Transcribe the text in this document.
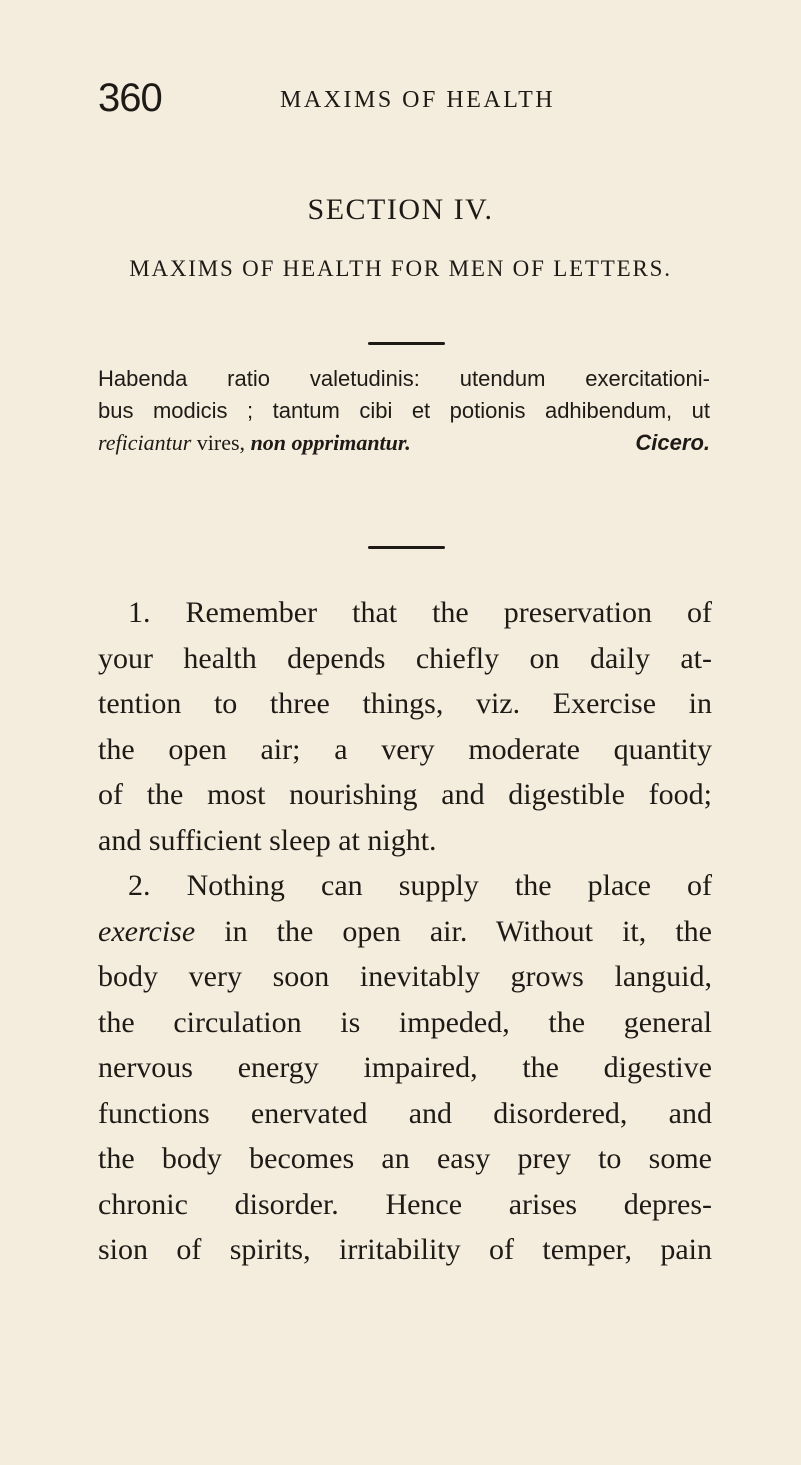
360	MAXIMS OF HEALTH
SECTION IV.
MAXIMS OF HEALTH FOR MEN OF LETTERS.
Habenda ratio valetudinis: utendum exercitationi-
bus modicis ; tantum cibi et potionis adhibendum, ut
reficiantur vires, non opprimantur.	Cicero.
1. Remember that the preservation of
your health depends chiefly on daily at-
tention to three things, viz. Exercise in
the open air; a very moderate quantity
of the most nourishing and digestible food;
and sufficient sleep at night.
2. Nothing can supply the place of
exercise in the open air. Without it, the
body very soon inevitably grows languid,
the circulation is impeded, the general
nervous energy impaired, the digestive
functions enervated and disordered, and
the body becomes an easy prey to some
chronic disorder. Hence arises depres-
sion of spirits, irritability of temper, pain
